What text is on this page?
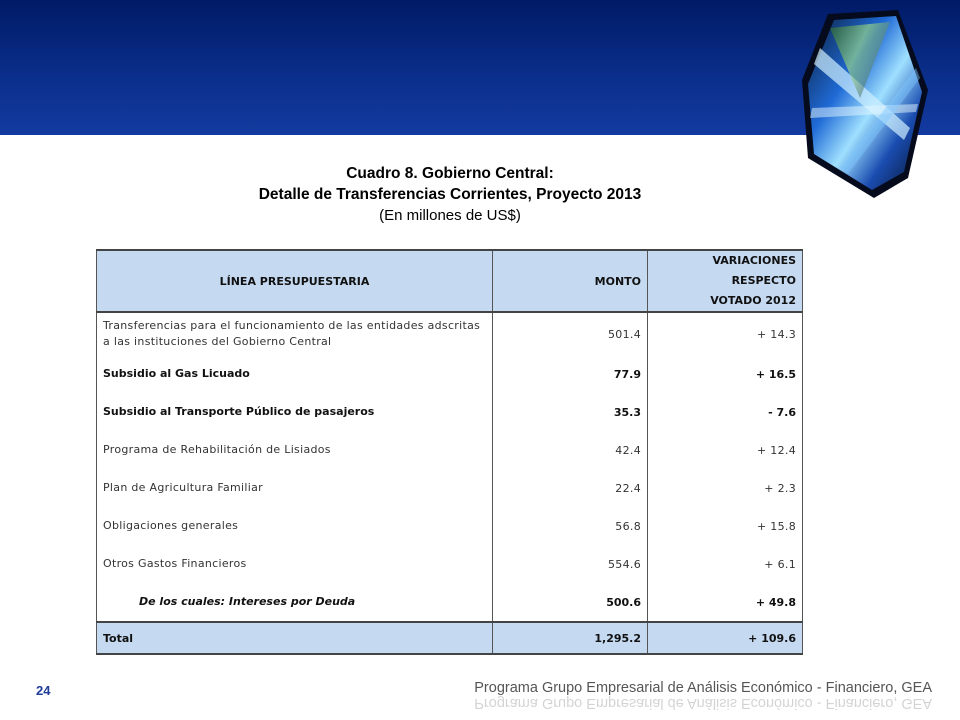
Cuadro 8. Gobierno Central:
Detalle de Transferencias Corrientes, Proyecto 2013
(En millones de US$)
LÍNEA PRESUPUESTARIA	MONTO	VARIACIONES RESPECTO
VOTADO 2012
Transferencias para el funcionamiento de las entidades adscritas a las instituciones del Gobierno Central	501.4	+ 14.3
Subsidio al Gas Licuado	77.9	+ 16.5
Subsidio al Transporte Público de pasajeros	35.3	- 7.6
Programa de Rehabilitación de Lisiados	42.4	+ 12.4
Plan de Agricultura Familiar	22.4	+ 2.3
Obligaciones generales	56.8	+ 15.8
Otros Gastos Financieros	554.6	+ 6.1
De los cuales: Intereses por Deuda	500.6	+ 49.8
Total	1,295.2	+ 109.6
24	Programa Grupo Empresarial de Análisis Económico - Financiero, GEA
Programa Grupo Empresarial de Análisis Económico - Financiero, GEA
